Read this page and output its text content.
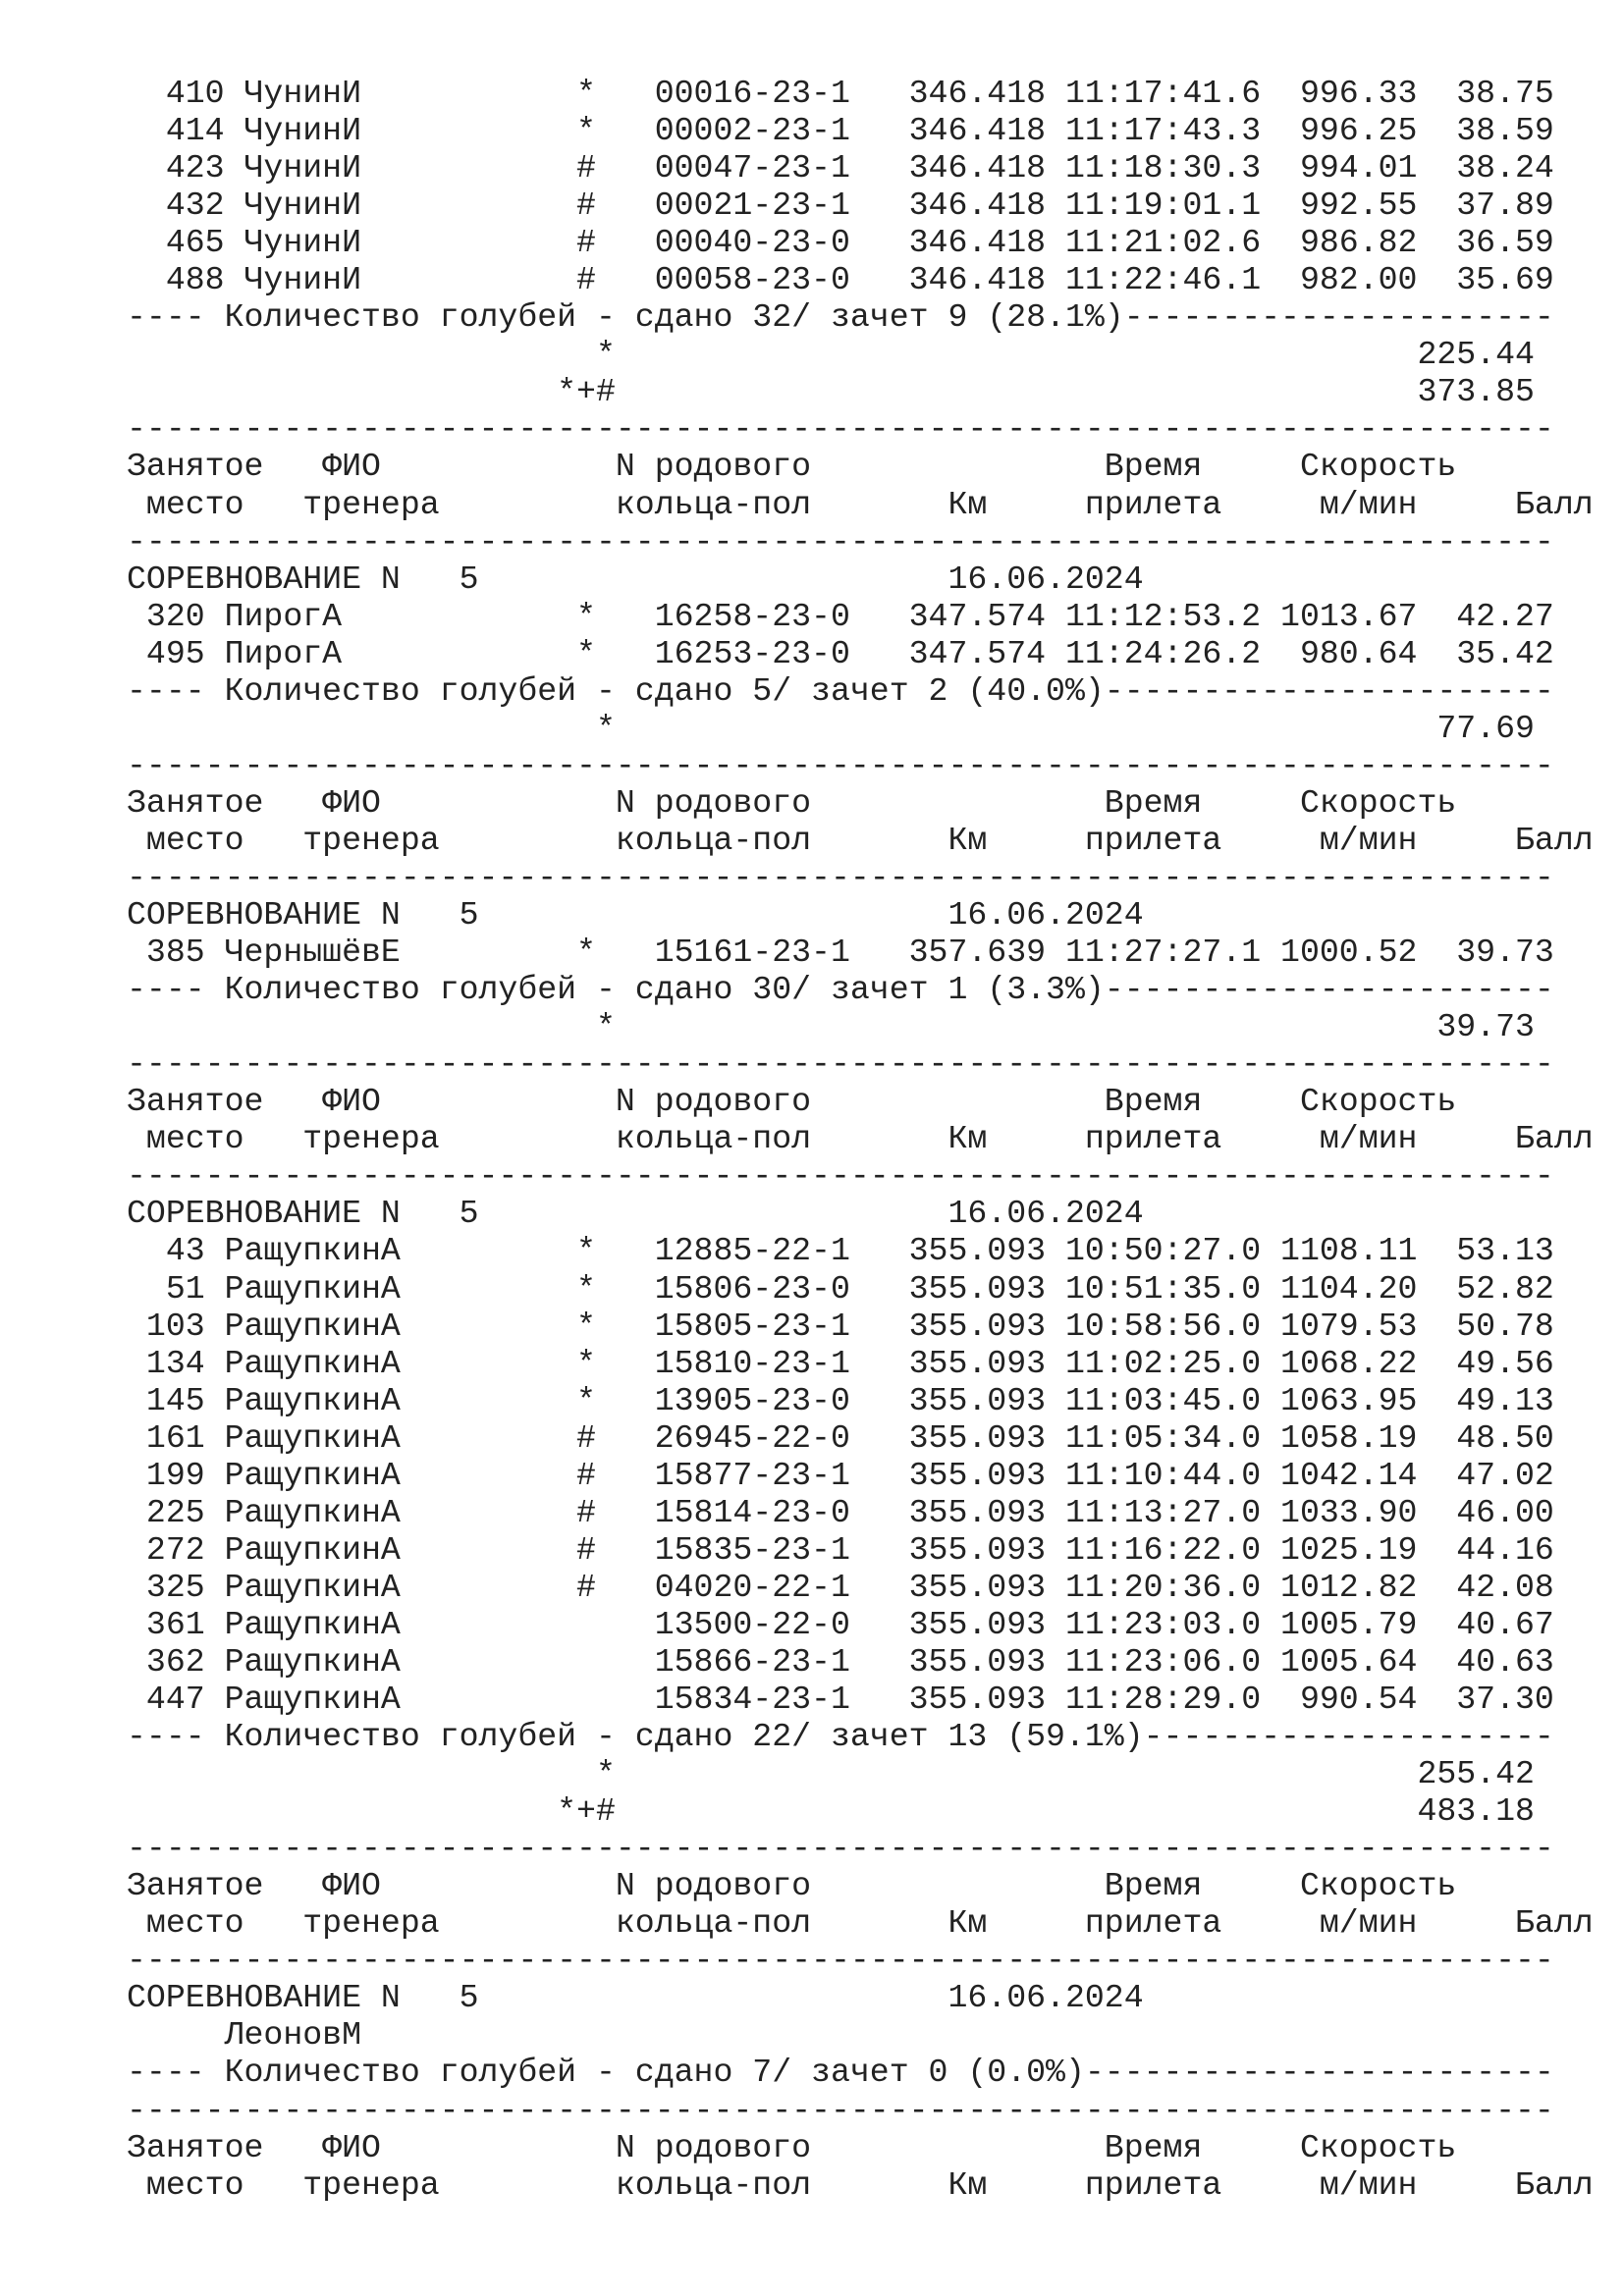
410 ЧунинИ           *   00016-23-1   346.418 11:17:41.6  996.33  38.75
414 ЧунинИ           *   00002-23-1   346.418 11:17:43.3  996.25  38.59
423 ЧунинИ           #   00047-23-1   346.418 11:18:30.3  994.01  38.24
432 ЧунинИ           #   00021-23-1   346.418 11:19:01.1  992.55  37.89
465 ЧунинИ           #   00040-23-0   346.418 11:21:02.6  986.82  36.59
488 ЧунинИ           #   00058-23-0   346.418 11:22:46.1  982.00  35.69
---- Количество голубей - сдано 32/ зачет 9 (28.1%)----------------------
*                                         225.44
*+#                                         373.85
-------------------------------------------------------------------------
Занятое   ФИО            N родового               Время     Скорость
место   тренера         кольца-пол       Км     прилета     м/мин     Балл
-------------------------------------------------------------------------
СОРЕВНОВАНИЕ N   5                        16.06.2024
320 ПирогА            *   16258-23-0   347.574 11:12:53.2 1013.67  42.27
495 ПирогА            *   16253-23-0   347.574 11:24:26.2  980.64  35.42
---- Количество голубей - сдано 5/ зачет 2 (40.0%)-----------------------
*                                          77.69
-------------------------------------------------------------------------
Занятое   ФИО            N родового               Время     Скорость
место   тренера         кольца-пол       Км     прилета     м/мин     Балл
-------------------------------------------------------------------------
СОРЕВНОВАНИЕ N   5                        16.06.2024
385 ЧернышёвЕ         *   15161-23-1   357.639 11:27:27.1 1000.52  39.73
---- Количество голубей - сдано 30/ зачет 1 (3.3%)-----------------------
*                                          39.73
-------------------------------------------------------------------------
Занятое   ФИО            N родового               Время     Скорость
место   тренера         кольца-пол       Км     прилета     м/мин     Балл
-------------------------------------------------------------------------
СОРЕВНОВАНИЕ N   5                        16.06.2024
43 РащупкинА         *   12885-22-1   355.093 10:50:27.0 1108.11  53.13
51 РащупкинА         *   15806-23-0   355.093 10:51:35.0 1104.20  52.82
103 РащупкинА         *   15805-23-1   355.093 10:58:56.0 1079.53  50.78
134 РащупкинА         *   15810-23-1   355.093 11:02:25.0 1068.22  49.56
145 РащупкинА         *   13905-23-0   355.093 11:03:45.0 1063.95  49.13
161 РащупкинА         #   26945-22-0   355.093 11:05:34.0 1058.19  48.50
199 РащупкинА         #   15877-23-1   355.093 11:10:44.0 1042.14  47.02
225 РащупкинА         #   15814-23-0   355.093 11:13:27.0 1033.90  46.00
272 РащупкинА         #   15835-23-1   355.093 11:16:22.0 1025.19  44.16
325 РащупкинА         #   04020-22-1   355.093 11:20:36.0 1012.82  42.08
361 РащупкинА             13500-22-0   355.093 11:23:03.0 1005.79  40.67
362 РащупкинА             15866-23-1   355.093 11:23:06.0 1005.64  40.63
447 РащупкинА             15834-23-1   355.093 11:28:29.0  990.54  37.30
---- Количество голубей - сдано 22/ зачет 13 (59.1%)---------------------
*                                         255.42
*+#                                         483.18
-------------------------------------------------------------------------
Занятое   ФИО            N родового               Время     Скорость
место   тренера         кольца-пол       Км     прилета     м/мин     Балл
-------------------------------------------------------------------------
СОРЕВНОВАНИЕ N   5                        16.06.2024
ЛеоновМ
---- Количество голубей - сдано 7/ зачет 0 (0.0%)------------------------
-------------------------------------------------------------------------
Занятое   ФИО            N родового               Время     Скорость
место   тренера         кольца-пол       Км     прилета     м/мин     Балл
